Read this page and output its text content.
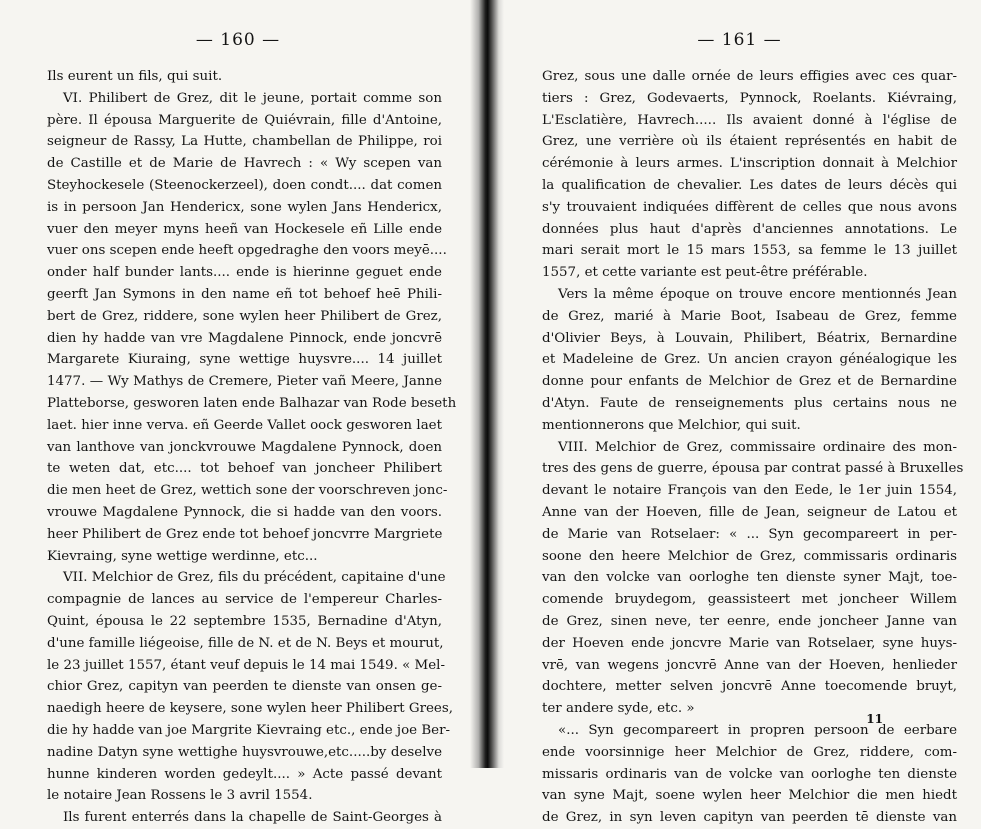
— 160 —
Ils eurent un fils, qui suit.
VI. Philibert de Grez, dit le jeune, portait comme son
père. Il épousa Marguerite de Quiévrain, fille d'Antoine,
seigneur de Rassy, La Hutte, chambellan de Philippe, roi
de Castille et de Marie de Havrech : « Wy scepen van
Steyhockesele (Steenockerzeel), doen condt.... dat comen
is in persoon Jan Hendericx, sone wylen Jans Hendericx,
vuer den meyer myns heeñ van Hockesele eñ Lille ende
vuer ons scepen ende heeft opgedraghe den voors meyē....
onder half bunder lants.... ende is hierinne geguet ende
geerft Jan Symons in den name eñ tot behoef heē Phili-
bert de Grez, riddere, sone wylen heer Philibert de Grez,
dien hy hadde van vre Magdalene Pinnock, ende joncvrē
Margarete Kiuraing, syne wettige huysvre.... 14 juillet
1477. — Wy Mathys de Cremere, Pieter vañ Meere, Janne
Platteborse, gesworen laten ende Balhazar van Rode beseth
laet. hier inne verva. eñ Geerde Vallet oock gesworen laet
van lanthove van jonckvrouwe Magdalene Pynnock, doen
te weten dat, etc.... tot behoef van joncheer Philibert
die men heet de Grez, wettich sone der voorschreven jonc-
vrouwe Magdalene Pynnock, die si hadde van den voors.
heer Philibert de Grez ende tot behoef joncvrre Margriete
Kievraing, syne wettige werdinne, etc...
VII. Melchior de Grez, fils du précédent, capitaine d'une
compagnie de lances au service de l'empereur Charles-
Quint, épousa le 22 septembre 1535, Bernadine d'Atyn,
d'une famille liégeoise, fille de N. et de N. Beys et mourut,
le 23 juillet 1557, étant veuf depuis le 14 mai 1549. « Mel-
chior Grez, capityn van peerden te dienste van onsen ge-
naedigh heere de keysere, sone wylen heer Philibert Grees,
die hy hadde van joe Margrite Kievraing etc., ende joe Ber-
nadine Datyn syne wettighe huysvrouwe,etc.....by deselve
hunne kinderen worden gedeylt.... » Acte passé devant
le notaire Jean Rossens le 3 avril 1554.
Ils furent enterrés dans la chapelle de Saint-Georges à
— 161 —
Grez, sous une dalle ornée de leurs effigies avec ces quar-
tiers : Grez, Godevaerts, Pynnock, Roelants. Kiévraing,
L'Esclatière, Havrech..... Ils avaient donné à l'église de
Grez, une verrière où ils étaient représentés en habit de
cérémonie à leurs armes. L'inscription donnait à Melchior
la qualification de chevalier. Les dates de leurs décès qui
s'y trouvaient indiquées diffèrent de celles que nous avons
données plus haut d'après d'anciennes annotations. Le
mari serait mort le 15 mars 1553, sa femme le 13 juillet
1557, et cette variante est peut-être préférable.
Vers la même époque on trouve encore mentionnés Jean
de Grez, marié à Marie Boot, Isabeau de Grez, femme
d'Olivier Beys, à Louvain, Philibert, Béatrix, Bernardine
et Madeleine de Grez. Un ancien crayon généalogique les
donne pour enfants de Melchior de Grez et de Bernardine
d'Atyn. Faute de renseignements plus certains nous ne
mentionnerons que Melchior, qui suit.
VIII. Melchior de Grez, commissaire ordinaire des mon-
tres des gens de guerre, épousa par contrat passé à Bruxelles
devant le notaire François van den Eede, le 1er juin 1554,
Anne van der Hoeven, fille de Jean, seigneur de Latou et
de Marie van Rotselaer: « ... Syn gecompareert in per-
soone den heere Melchior de Grez, commissaris ordinaris
van den volcke van oorloghe ten dienste syner Majt, toe-
comende bruydegom, geassisteert met joncheer Willem
de Grez, sinen neve, ter eenre, ende joncheer Janne van
der Hoeven ende joncvre Marie van Rotselaer, syne huys-
vrē, van wegens joncvrē Anne van der Hoeven, henlieder
dochtere, metter selven joncvrē Anne toecomende bruyt,
ter andere syde, etc. »
«... Syn gecompareert in propren persoon de eerbare
ende voorsinnige heer Melchior de Grez, riddere, com-
missaris ordinaris van de volcke van oorloghe ten dienste
van syne Majt, soene wylen heer Melchior die men hiedt
de Grez, in syn leven capityn van peerden tē dienste van
11
